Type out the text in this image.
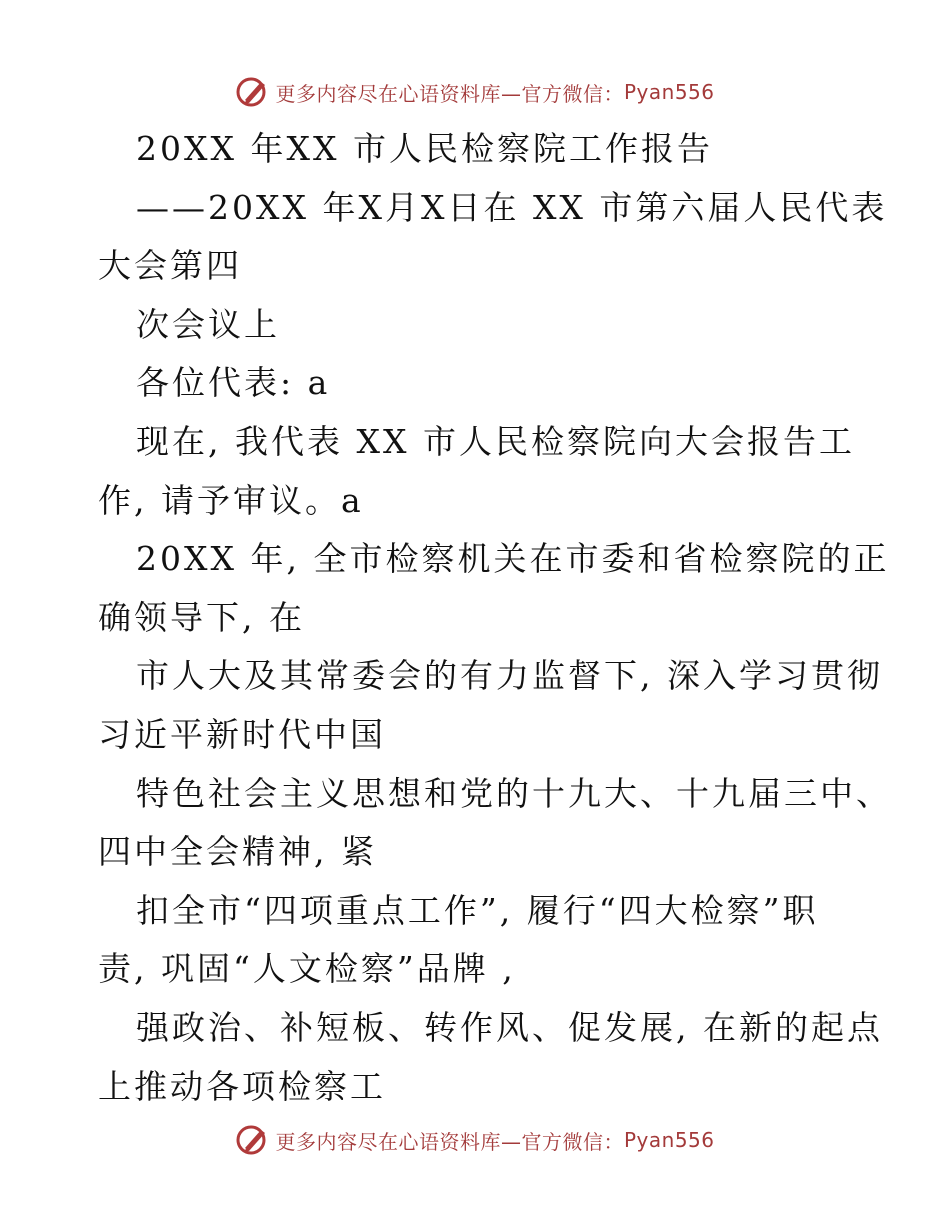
更多内容尽在心语资料库—官方微信： Pyan556
20XX 年XX 市人民检察院工作报告
——20XX 年X月X日在 XX 市第六届人民代表
大会第四
次会议上
各位代表: a
现在, 我代表 XX 市人民检察院向大会报告工
作, 请予审议。a
20XX 年, 全市检察机关在市委和省检察院的正
确领导下, 在
市人大及其常委会的有力监督下, 深入学习贯彻
习近平新时代中国
特色社会主义思想和党的十九大、十九届三中、
四中全会精神, 紧
扣全市“四项重点工作”, 履行“四大检察”职
责, 巩固“人文检察”品牌 ,
强政治、补短板、转作风、促发展, 在新的起点
上推动各项检察工
更多内容尽在心语资料库—官方微信： Pyan556
